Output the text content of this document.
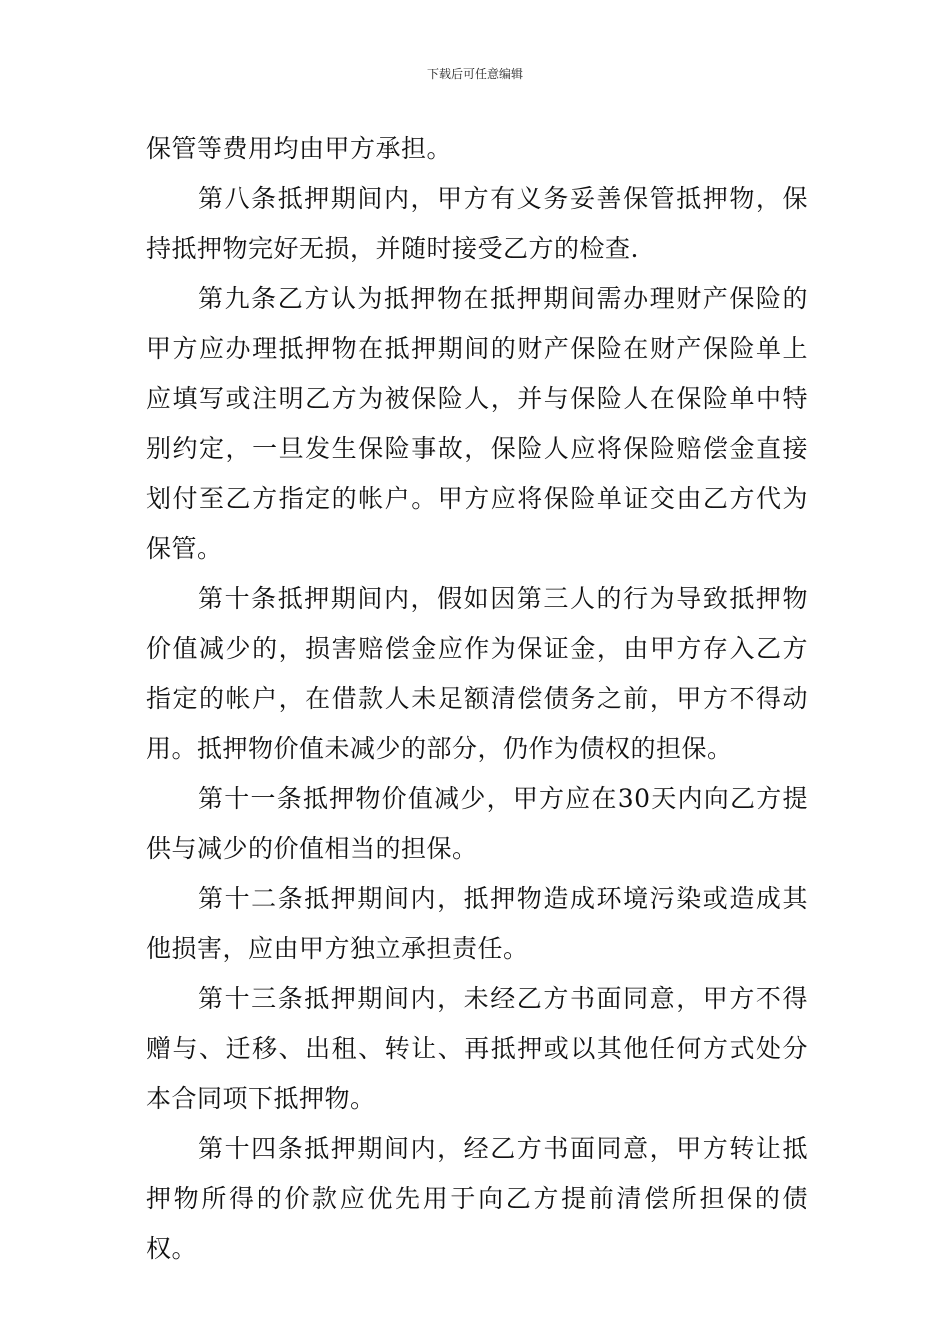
下载后可任意编辑

保管等费用均由甲方承担。

第八条抵押期间内，甲方有义务妥善保管抵押物，保持抵押物完好无损，并随时接受乙方的检查.

第九条乙方认为抵押物在抵押期间需办理财产保险的甲方应办理抵押物在抵押期间的财产保险在财产保险单上应填写或注明乙方为被保险人，并与保险人在保险单中特别约定，一旦发生保险事故，保险人应将保险赔偿金直接划付至乙方指定的帐户。甲方应将保险单证交由乙方代为保管。

第十条抵押期间内，假如因第三人的行为导致抵押物价值减少的，损害赔偿金应作为保证金，由甲方存入乙方指定的帐户，在借款人未足额清偿债务之前，甲方不得动用。抵押物价值未减少的部分，仍作为债权的担保。

第十一条抵押物价值减少，甲方应在30天内向乙方提供与减少的价值相当的担保。

第十二条抵押期间内，抵押物造成环境污染或造成其他损害，应由甲方独立承担责任。

第十三条抵押期间内，未经乙方书面同意，甲方不得赠与、迁移、出租、转让、再抵押或以其他任何方式处分本合同项下抵押物。

第十四条抵押期间内，经乙方书面同意，甲方转让抵押物所得的价款应优先用于向乙方提前清偿所担保的债权。
